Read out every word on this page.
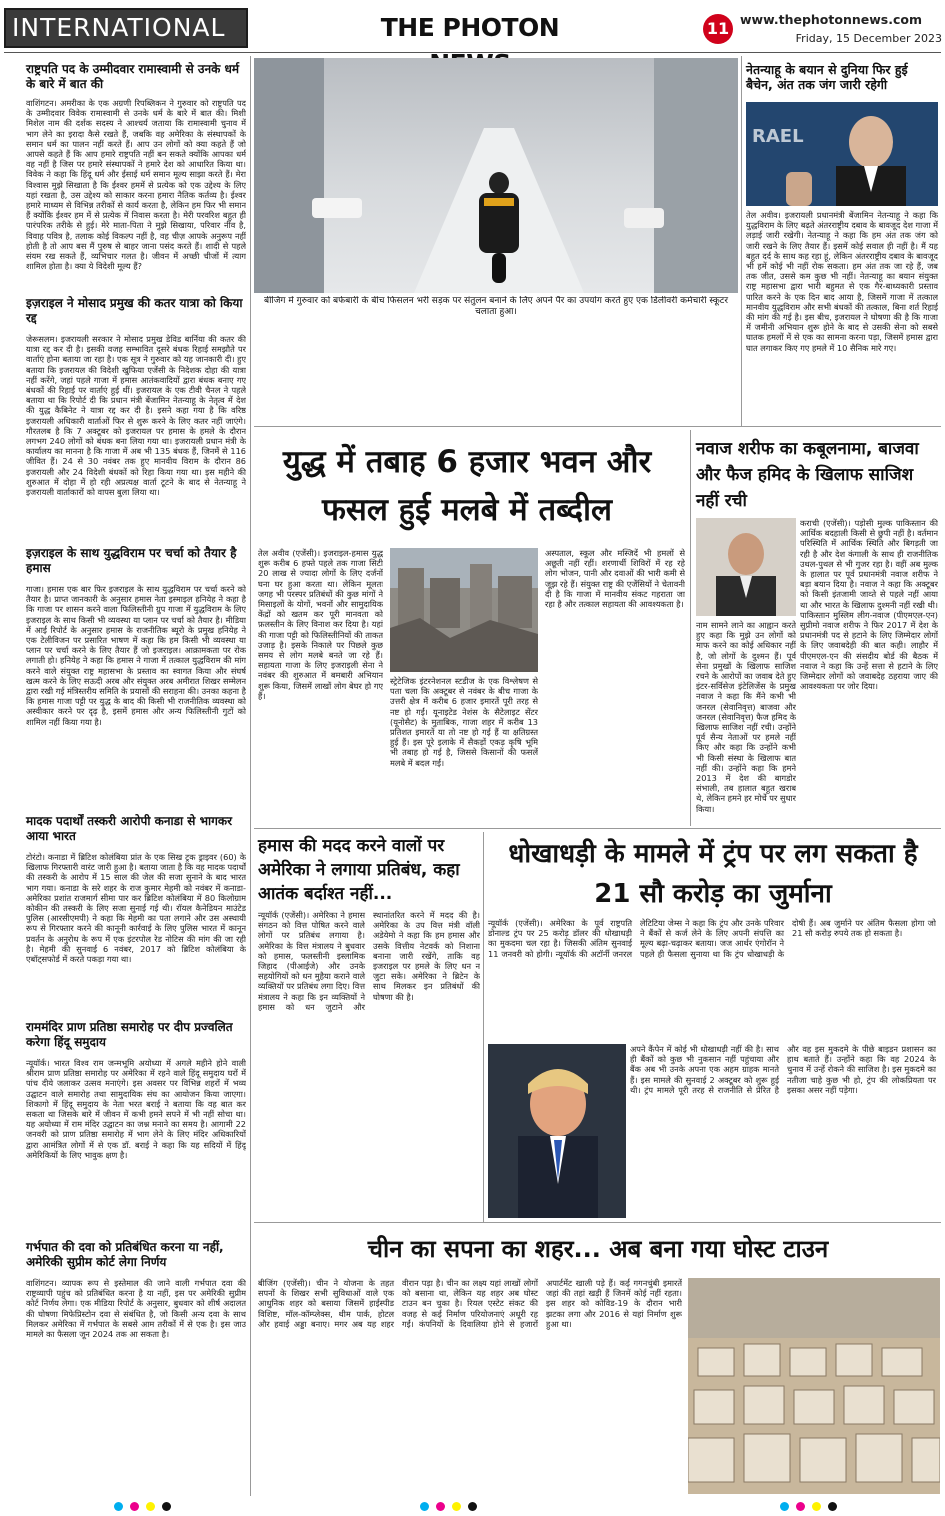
INTERNATIONAL	THE PHOTON	11 www.thephotonnews.com
Friday, 15 December 2023
राष्ट्रपति पद के उम्मीदवार रामास्वामी से उनके धर्म के बारे में बात की
वाशिंगटन। अमरीका के एक अग्रणी रिपब्लिकन ने गुरुवार को राष्ट्रपति पद के उम्मीदवार विवेक रामास्वामी से उनके धर्म के बारे में बात की। मिशी मिशेल नाम की दर्शक सदस्य ने आश्चर्य जताया कि रामास्वामी चुनाव में भाग लेने का इरादा कैसे रखते हैं, जबकि वह अमेरिका के संस्थापकों के समान धर्म का पालन नहीं करते हैं। आप उन लोगों को क्या कहते हैं जो आपसे कहते हैं कि आप हमारे राष्ट्रपति नहीं बन सकते क्योंकि आपका धर्म वह नहीं है जिस पर हमारे संस्थापकों ने हमारे देश को आधारित किया था। विवेक ने कहा कि हिंदू धर्म और ईसाई धर्म समान मूल्य साझा करते हैं। मेरा विश्वास मुझे सिखाता है कि ईश्वर हममें से प्रत्येक को एक उद्देश्य के लिए यहां रखता है, उस उद्देश्य को साकार करना हमारा नैतिक कर्तव्य है। ईश्वर हमारे माध्यम से विभिन्न तरीकों से कार्य करता है, लेकिन हम फिर भी समान हैं क्योंकि ईश्वर हम में से प्रत्येक में निवास करता है। मेरी परवरिश बहुत ही पारंपरिक तरीके से हुई। मेरे माता-पिता ने मुझे सिखाया, परिवार नींव है, विवाह पवित्र है, तलाक कोई विकल्प नहीं है, वह चीज़ आपके अनुरूप नहीं होती है तो आप बस मैं पुरुष से बाहर जाना पसंद करते हैं। शादी से पहले संयम रख सकते हैं, व्यभिचार गलत है। जीवन में अच्छी चीजों में त्याग शामिल होता है। क्या ये विदेशी मूल्य हैं?
इज़राइल ने मोसाद प्रमुख की कतर यात्रा को किया रद्द
जेरूसलम। इजरायली सरकार ने मोसाद प्रमुख डेविड बार्निया की कतर की यात्रा रद्द कर दी है। इसकी वजह सम्भावित दूसरे बंधक रिहाई समझौते पर वार्ताएं होना बताया जा रहा है। एक सूत्र ने गुरुवार को यह जानकारी दी। हुए बताया कि इजरायल की विदेशी खुफिया एजेंसी के निदेशक दोहा की यात्रा नहीं करेंगे, जहां पहले गाजा में हमास आतंकवादियों द्वारा बंधक बनाए गए बंधकों की रिहाई पर वार्ताएं हुई थीं। इजरायल के एक टीवी चैनल ने पहले बताया था कि रिपोर्ट दी कि प्रधान मंत्री बेंजामिन नेतन्याहू के नेतृत्व में देश की युद्ध कैबिनेट ने यात्रा रद्द कर दी है। इसने कहा गया है कि वरिष्ठ इजरायली अधिकारी वार्ताओं फिर से शुरू करने के लिए कतर नहीं जाएंगे। गौरतलब है कि 7 अक्टूबर को इजरायल पर हमास के हमले के दौरान लगभग 240 लोगों को बंधक बना लिया गया था। इजरायली प्रधान मंत्री के कार्यालय का मानना है कि गाजा में अब भी 135 बंधक हैं, जिनमें से 116 जीवित हैं। 24 से 30 नवंबर तक हुए मानवीय विराम के दौरान 86 इजरायली और 24 विदेशी बंधकों को रिहा किया गया था। इस महीने की शुरुआत में दोहा में हो रही अप्रत्यक्ष वार्ता टूटने के बाद से नेतन्याहू ने इजरायली वार्ताकारों को वापस बुला लिया था।
इज़राइल के साथ युद्धविराम पर चर्चा को तैयार है हमास
गाजा। हमास एक बार फिर इजराइल के साथ युद्धविराम पर चर्चा करने को तैयार है। प्राप्त जानकारी के अनुसार हमास नेता इस्माइल हनियेह ने कहा है कि गाजा पर शासन करने वाला फिलिस्तीनी ग्रुप गाजा में युद्धविराम के लिए इजराइल के साथ किसी भी व्यवस्था या प्लान पर चर्चा को तैयार है। मीडिया में आई रिपोर्ट के अनुसार हमास के राजनीतिक ब्यूरो के प्रमुख हनियेह ने एक टेलीविजन पर प्रसारित भाषण में कहा कि हम किसी भी व्यवस्था या प्लान पर चर्चा करने के लिए तैयार हैं जो इजराइल। आक्रामकता पर रोक लगाती हो। हनियेह ने कहा कि हमास ने गाजा में तत्काल युद्धविराम की मांग करने वाले संयुक्त राष्ट्र महासभा के प्रस्ताव का स्वागत किया और संघर्ष खत्म करने के लिए सऊदी अरब और संयुक्त अरब अमीरात शिखर सम्मेलन द्वारा रखी गई मंत्रिस्तरीय समिति के प्रयासों की सराहना की। उनका कहना है कि हमास गाजा पट्टी पर युद्ध के बाद की किसी भी राजनीतिक व्यवस्था को अस्वीकार करने पर दृढ़ है, इसमें हमास और अन्य फिलिस्तीनी गुटों को शामिल नहीं किया गया है।
मादक पदार्थों तस्करी आरोपी कनाडा से भागकर आया भारत
टोरंटो। कनाडा में ब्रिटिश कोलंबिया प्रांत के एक सिख ट्रक ड्राइवर (60) के खिलाफ गिरफ्तारी वारंट जारी हुआ है। बताया जाता है कि वह मादक पदार्थों की तस्करी के आरोप में 15 साल की जेल की सजा सुनाने के बाद भारत भाग गया। कनाडा के सरे शहर के राज कुमार मेहमी को नवंबर में कनाडा-अमेरिका प्रशांत राजमार्ग सीमा पार कर ब्रिटिश कोलंबिया में 80 किलोग्राम कोकीन की तस्करी के लिए सजा सुनाई गई थी। रॉयल कैनेडियन माउंटेड पुलिस (आरसीएमपी) ने कहा कि मेहमी का पता लगाने और उस अस्थायी रूप से गिरफ्तार करने की कानूनी कार्रवाई के लिए पुलिस भारत में कानून प्रवर्तन के अनुरोध के रूप में एक इंटरपोल रेड नोटिस की मांग की जा रही है। मेहमी की सुनवाई 6 नवंबर, 2017 को ब्रिटिश कोलंबिया के एबॉट्सफोर्ड में करते पकड़ा गया था।
राममंदिर प्राण प्रतिष्ठा समारोह पर दीप प्रज्वलित करेगा हिंदू समुदाय
न्यूयॉर्क। भारत विश्व राम जन्मभूमि अयोध्या में अगले महीने होने वाली श्रीराम प्राण प्रतिष्ठा समारोह पर अमेरिका में रहने वाले हिंदू समुदाय घरों में पांच दीये जलाकर उत्सव मनाएंगे। इस अवसर पर विभिन्न शहरों में भव्य उद्घाटन वाले समारोह तथा सामुदायिक संघ का आयोजन किया जाएगा। शिकागो में हिंदू समुदाय के नेता भरत बराई ने बताया कि वह बात कर सकता था जिसके बारे में जीवन में कभी हमने सपने में भी नहीं सोचा था। यह अयोध्या में राम मंदिर उद्घाटन का जश्न मनाने का समय है। आगामी 22 जनवरी को प्राण प्रतिष्ठा समारोह में भाग लेने के लिए मंदिर अधिकारियों द्वारा आमंत्रित लोगों में से एक डॉ. बराई ने कहा कि यह सदियों में हिंदू अमेरिकियों के लिए भावुक क्षण है।
गर्भपात की दवा को प्रतिबंधित करना या नहीं, अमेरिकी सुप्रीम कोर्ट लेगा निर्णय
वाशिंगटन। व्यापक रूप से इस्तेमाल की जाने वाली गर्भपात दवा की राष्ट्रव्यापी पहुंच को प्रतिबंधित करना है या नहीं, इस पर अमेरिकी सुप्रीम कोर्ट निर्णय लेगा। एक मीडिया रिपोर्ट के अनुसार, बुधवार को शीर्ष अदालत की घोषणा मिफेप्रिस्टोन दवा से संबंधित है, जो किसी अन्य दवा के साथ मिलकर अमेरिका में गर्भपात के सबसे आम तरीकों में से एक है। इस जाउ मामले का फैसला जून 2024 तक आ सकता है।
बीजिंग में गुरुवार को बर्फबारी के बीच फिसलन भरी सड़क पर संतुलन बनाने के लिए अपने पैर का उपयोग करते हुए एक डिलीवरी कर्मचारी स्कूटर चलाता हुआ।
नेतन्याहू के बयान से दुनिया फिर हुई बैचेन, अंत तक जंग जारी रहेगी
RAEL
तेल अवीव। इजरायली प्रधानमंत्री बेंजामिन नेतन्याहू ने कहा कि युद्धविराम के लिए बढ़ते अंतरराष्ट्रीय दबाव के बावजूद देश गाजा में लड़ाई जारी रखेगी। नेतन्याहू ने कहा कि हम अंत तक जंग को जारी रखने के लिए तैयार हैं। इसमें कोई सवाल ही नहीं है। मैं यह बहुत दर्द के साथ कह रहा हूं, लेकिन अंतरराष्ट्रीय दबाव के बावजूद भी हमें कोई भी नहीं रोक सकता। हम अंत तक जा रहे हैं, जब तक जीत, उससे कम कुछ भी नहीं। नेतन्याहू का बयान संयुक्त राष्ट्र महासभा द्वारा भारी बहुमत से एक गैर-बाध्यकारी प्रस्ताव पारित करने के एक दिन बाद आया है, जिसमें गाजा में तत्काल मानवीय युद्धविराम और सभी बंधकों की तत्काल, बिना शर्त रिहाई की मांग की गई है। इस बीच, इजरायल ने घोषणा की है कि गाजा में जमीनी अभियान शुरू होने के बाद से उसकी सेना को सबसे घातक हमलों में से एक का सामना करना पड़ा, जिसमें हमास द्वारा घात लगाकर किए गए हमले में 10 सैनिक मारे गए।
युद्ध में तबाह 6 हजार भवन और फसल हुई मलबे में तब्दील
तेल अवीव (एजेंसी)। इजराइल-हमास युद्ध शुरू करीब 6 हफ्ते पहले तक गाजा सिटी 20 लाख से ज्यादा लोगों के लिए दर्जनों घना घर हुआ करता था। लेकिन मूलतः जगह भी परस्पर प्रतिबंधों की कुछ मांगों ने मिसाइलों के योगों, भवनों और सामुदायिक केंद्रों को खतम कर पूरी मानवता को फ़लस्तीन के लिए विनाश कर दिया है। यहां की गाजा पट्टी को फिलिस्तीनियों की ताकत उजाड़ है। इसके निकाले पर पिछले कुछ समय से लोग मलबे बनते जा रहे हैं। सहायता गाजा के लिए इजराइली सेना ने नवंबर की शुरुआत में बमबारी अभियान शुरू किया, जिसमें लाखों लोग बेघर हो गए हैं।
स्ट्रेटेजिक इंटरनेशनल स्टडीज के एक विश्लेषण से पता चला कि अक्टूबर से नवंबर के बीच गाजा के उत्तरी क्षेत्र में करीब 6 हजार इमारतें पूरी तरह से नष्ट हो गईं। यूनाइटेड नेशंस के सैटेलाइट सेंटर (यूनोसैट) के मुताबिक, गाजा शहर में करीब 13 प्रतिशत इमारतें या तो नष्ट हो गई हैं या क्षतिग्रस्त हुई हैं। इस पूरे इलाके में सैकड़ों एकड़ कृषि भूमि भी तबाह हो गई है, जिससे किसानों की फसलें मलबे में बदल गईं।
अस्पताल, स्कूल और मस्जिदें भी हमलों से अछूती नहीं रहीं। शरणार्थी शिविरों में रह रहे लोग भोजन, पानी और दवाओं की भारी कमी से जूझ रहे हैं। संयुक्त राष्ट्र की एजेंसियों ने चेतावनी दी है कि गाजा में मानवीय संकट गहराता जा रहा है और तत्काल सहायता की आवश्यकता है।
नवाज शरीफ का कबूलनामा, बाजवा और फैज हमिद के खिलाफ साजिश नहीं रची
कराची (एजेंसी)। पड़ोसी मुल्क पाकिस्तान की आर्थिक बदहाली किसी से छुपी नहीं है। वर्तमान परिस्थिति में आर्थिक स्थिति और बिगड़ती जा रही है और देश कंगाली के साथ ही राजनीतिक उथल-पुथल से भी गुजर रहा है। वहीं अब मुल्क के हालात पर पूर्व प्रधानमंत्री नवाज शरीफ ने बड़ा बयान दिया है। नवाज ने कहा कि अक्टूबर को किसी इंतजामी जाव्ते से पहले नहीं आया था और भारत के खिलाफ दुश्मनी नहीं रखी थी। पाकिस्तान मुस्लिम लीग-नवाज (पीएमएल-एन) सुप्रीमो नवाज शरीफ ने फिर 2017 में देश के प्रधानमंत्री पद से हटाने के लिए जिम्मेदार लोगों के लिए जवाबदेही की बात कही। लाहौर में पीएमएल-एन की संसदीय बोर्ड की बैठक में नवाज ने कहा कि उन्हें सत्ता से हटाने के लिए जिम्मेदार लोगों को जवाबदेह ठहराया जाए की आवश्यकता पर जोर दिया।
नाम सामने लाने का आह्वान करते हुए कहा कि मुझे उन लोगों को माफ करने का कोई अधिकार नहीं है, जो लोगों के दुश्मन हैं। पूर्व सेना प्रमुखों के खिलाफ साजिश रचने के आरोपों का जवाब देते हुए इंटर-सर्विसेज इंटेलिजेंस के प्रमुख नवाज ने कहा कि मैंने कभी भी जनरल (सेवानिवृत्त) बाजवा और जनरल (सेवानिवृत्त) फैज हमिद के खिलाफ साजिश नहीं रची। उन्होंने पूर्व सैन्य नेताओं पर हमले नहीं किए और कहा कि उन्होंने कभी भी किसी संस्था के खिलाफ बात नहीं की। उन्होंने कहा कि हमने 2013 में देश की बागडोर संभाली, तब हालात बहुत खराब थे, लेकिन हमने हर मोर्चे पर सुधार किया।
हमास की मदद करने वालों पर अमेरिका ने लगाया प्रतिबंध, कहा आतंक बर्दाश्त नहीं...
न्यूयॉर्क (एजेंसी)। अमेरिका ने हमास संगठन को वित्त पोषित करने वाले लोगों पर प्रतिबंध लगाया है। अमेरिका के वित्त मंत्रालय ने बुधवार को हमास, फलस्तीनी इस्लामिक जिहाद (पीआईजे) और उनके सहयोगियों को धन मुहैया कराने वाले व्यक्तियों पर प्रतिबंध लगा दिए। वित्त मंत्रालय ने कहा कि इन व्यक्तियों ने हमास को धन जुटाने और स्थानांतरित करने में मदद की है। अमेरिका के उप वित्त मंत्री वॉली अडेयेमो ने कहा कि हम हमास और उसके वित्तीय नेटवर्क को निशाना बनाना जारी रखेंगे, ताकि वह इजराइल पर हमले के लिए धन न जुटा सके। अमेरिका ने ब्रिटेन के साथ मिलकर इन प्रतिबंधों की घोषणा की है।
धोखाधड़ी के मामले में ट्रंप पर लग सकता है 21 सौ करोड़ का जुर्माना
न्यूयॉर्क (एजेंसी)। अमेरिका के पूर्व राष्ट्रपति डोनाल्ड ट्रंप पर 25 करोड़ डॉलर की धोखाधड़ी का मुकदमा चल रहा है। जिसकी अंतिम सुनवाई 11 जनवरी को होगी। न्यूयॉर्क की अटॉर्नी जनरल लेटिटिया जेम्स ने कहा कि ट्रंप और उनके परिवार ने बैंकों से कर्ज लेने के लिए अपनी संपत्ति का मूल्य बढ़ा-चढ़ाकर बताया। जज आर्थर एंगोरॉन ने पहले ही फैसला सुनाया था कि ट्रंप धोखाधड़ी के दोषी हैं। अब जुर्माने पर अंतिम फैसला होगा जो 21 सौ करोड़ रुपये तक हो सकता है।
अपने कैंपेन में कोई भी धोखाधड़ी नहीं की है। साथ ही बैंकों को कुछ भी नुकसान नहीं पहुंचाया और बैंक अब भी उनके अपना एक अहम ग्राहक मानते हैं। इस मामले की सुनवाई 2 अक्टूबर को शुरू हुई थी। ट्रंप मामले पूरी तरह से राजनीति से प्रेरित है और वह इस मुकदमे के पीछे बाइडन प्रशासन का हाथ बताते हैं। उन्होंने कहा कि वह 2024 के चुनाव में उन्हें रोकने की साजिश है। इस मुकदमे का नतीजा चाहे कुछ भी हो, ट्रंप की लोकप्रियता पर इसका असर नहीं पड़ेगा।
चीन का सपना का शहर... अब बना गया घोस्ट टाउन
बीजिंग (एजेंसी)। चीन ने योजना के तहत सपनों के शिखर सभी सुविधाओं वाले एक आधुनिक शहर को बसाया जिसमें हाईस्पीड विशिष्ट, मॉल-कॉम्प्लेक्स, थीम पार्क, होटल और हवाई अड्डा बनाए। मगर अब यह शहर वीरान पड़ा है। चीन का लक्ष्य यहां लाखों लोगों को बसाना था, लेकिन यह शहर अब घोस्ट टाउन बन चुका है। रियल एस्टेट संकट की वजह से कई निर्माण परियोजनाएं अधूरी रह गईं। कंपनियों के दिवालिया होने से हजारों अपार्टमेंट खाली पड़े हैं। कई गगनचुंबी इमारतें जहां की तहां खड़ी हैं जिनमें कोई नहीं रहता। इस शहर को कोविड-19 के दौरान भारी झटका लगा और 2016 से यहां निर्माण शुरू हुआ था।
